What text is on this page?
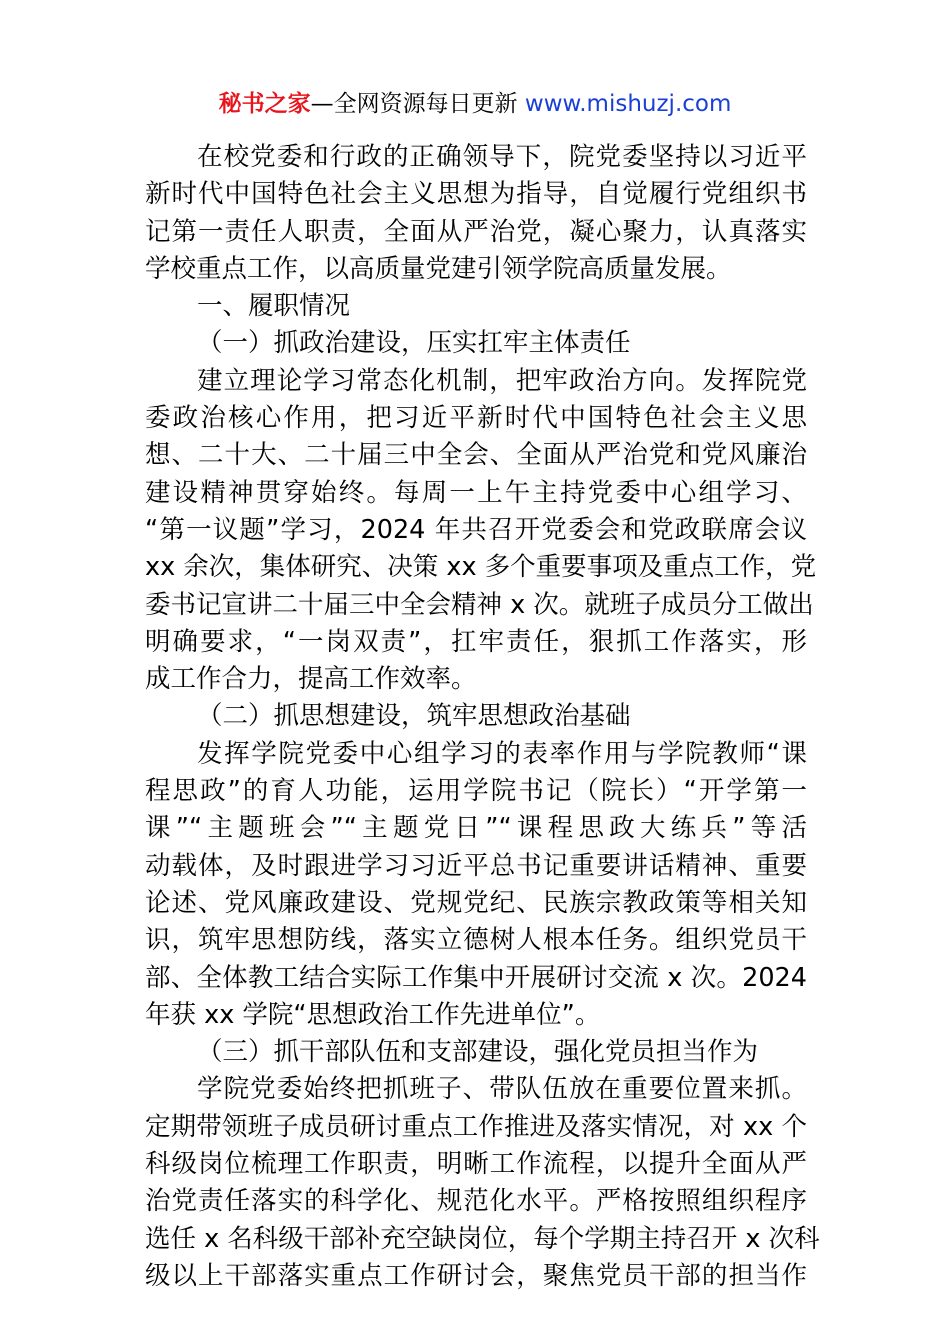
秘书之家—全网资源每日更新 www.mishuzj.com
在校党委和行政的正确领导下，院党委坚持以习近平
新时代中国特色社会主义思想为指导，自觉履行党组织书
记第一责任人职责，全面从严治党，凝心聚力，认真落实
学校重点工作，以高质量党建引领学院高质量发展。
一、履职情况
（一）抓政治建设，压实扛牢主体责任
建立理论学习常态化机制，把牢政治方向。发挥院党
委政治核心作用，把习近平新时代中国特色社会主义思
想、二十大、二十届三中全会、全面从严治党和党风廉治
建设精神贯穿始终。每周一上午主持党委中心组学习、
“第一议题”学习，2024 年共召开党委会和党政联席会议
xx 余次，集体研究、决策 xx 多个重要事项及重点工作，党
委书记宣讲二十届三中全会精神 x 次。就班子成员分工做出
明确要求，“一岗双责”，扛牢责任，狠抓工作落实，形
成工作合力，提高工作效率。
（二）抓思想建设，筑牢思想政治基础
发挥学院党委中心组学习的表率作用与学院教师“课
程思政”的育人功能，运用学院书记（院长）“开学第一
课”“主题班会”“主题党日”“课程思政大练兵”等活
动载体，及时跟进学习习近平总书记重要讲话精神、重要
论述、党风廉政建设、党规党纪、民族宗教政策等相关知
识，筑牢思想防线，落实立德树人根本任务。组织党员干
部、全体教工结合实际工作集中开展研讨交流 x 次。2024
年获 xx 学院“思想政治工作先进单位”。
（三）抓干部队伍和支部建设，强化党员担当作为
学院党委始终把抓班子、带队伍放在重要位置来抓。
定期带领班子成员研讨重点工作推进及落实情况，对 xx 个
科级岗位梳理工作职责，明晰工作流程，以提升全面从严
治党责任落实的科学化、规范化水平。严格按照组织程序
选任 x 名科级干部补充空缺岗位，每个学期主持召开 x 次科
级以上干部落实重点工作研讨会，聚焦党员干部的担当作
